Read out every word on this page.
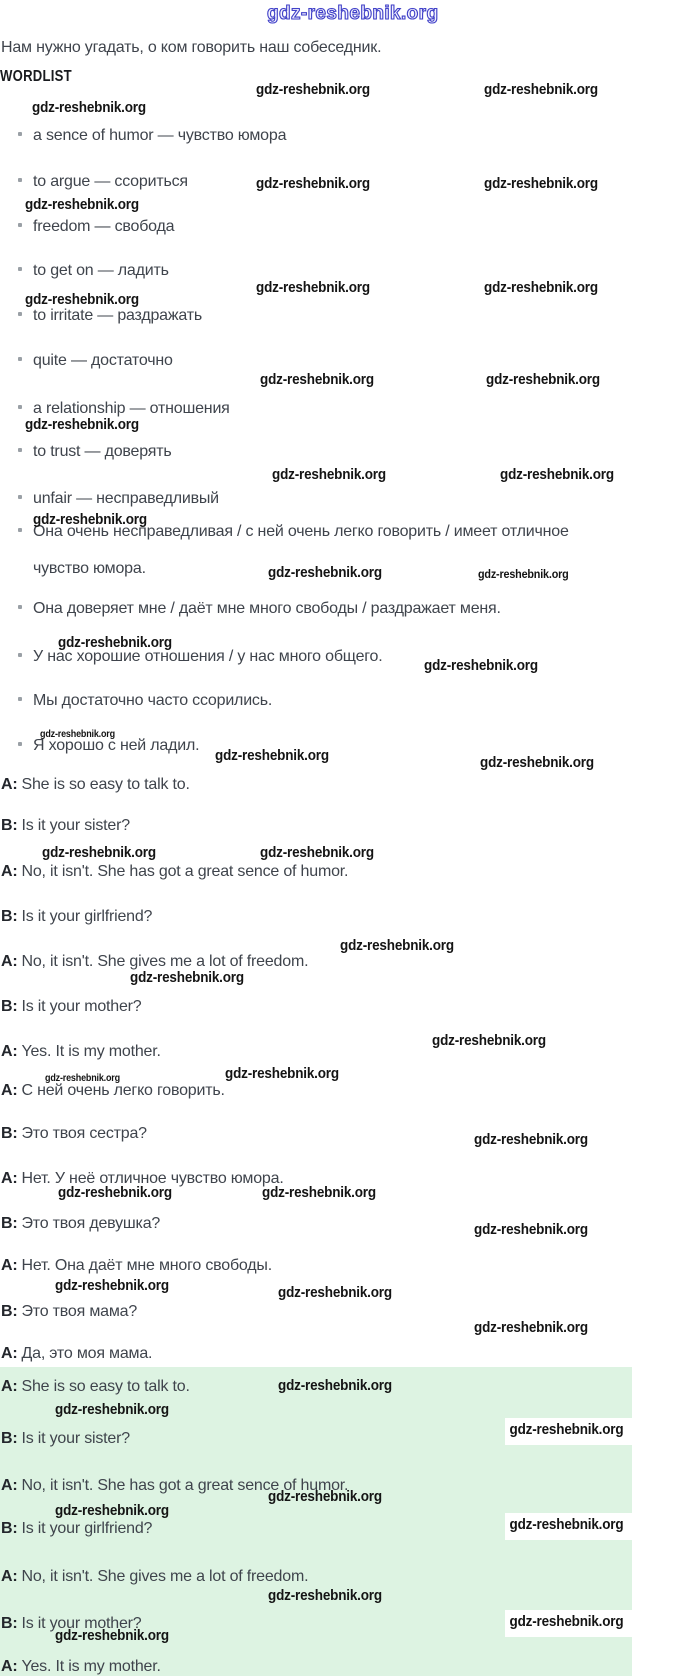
gdz-reshebnik.org
Нам нужно угадать, о ком говорить наш собеседник.
WORDLIST
a sence of humor — чувство юмора
to argue — ссориться
freedom — свобода
to get on — ладить
to irritate — раздражать
quite — достаточно
a relationship — отношения
to trust — доверять
unfair — несправедливый
Она очень несправедливая / с ней очень легко говорить / имеет отличное
чувство юмора.
Она доверяет мне / даёт мне много свободы / раздражает меня.
У нас хорошие отношения / у нас много общего.
Мы достаточно часто ссорились.
Я хорошо с ней ладил.
A: She is so easy to talk to.
B: Is it your sister?
A: No, it isn't. She has got a great sence of humor.
B: Is it your girlfriend?
A: No, it isn't. She gives me a lot of freedom.
B: Is it your mother?
A: Yes. It is my mother.
A: С ней очень легко говорить.
B: Это твоя сестра?
A: Нет. У неё отличное чувство юмора.
B: Это твоя девушка?
A: Нет. Она даёт мне много свободы.
B: Это твоя мама?
A: Да, это моя мама.
A: She is so easy to talk to.
B: Is it your sister?
A: No, it isn't. She has got a great sence of humor.
B: Is it your girlfriend?
A: No, it isn't. She gives me a lot of freedom.
B: Is it your mother?
A: Yes. It is my mother.
gdz-reshebnik.org	gdz-reshebnik.org
gdz-reshebnik.org
gdz-reshebnik.org	gdz-reshebnik.org
gdz-reshebnik.org
gdz-reshebnik.org	gdz-reshebnik.org
gdz-reshebnik.org
gdz-reshebnik.org	gdz-reshebnik.org
gdz-reshebnik.org
gdz-reshebnik.org	gdz-reshebnik.org
gdz-reshebnik.org
gdz-reshebnik.org	gdz-reshebnik.org
gdz-reshebnik.org
gdz-reshebnik.org
gdz-reshebnik.org
gdz-reshebnik.org	gdz-reshebnik.org
gdz-reshebnik.org	gdz-reshebnik.org
gdz-reshebnik.org
gdz-reshebnik.org
gdz-reshebnik.org
gdz-reshebnik.org
gdz-reshebnik.org
gdz-reshebnik.org
gdz-reshebnik.org	gdz-reshebnik.org
gdz-reshebnik.org
gdz-reshebnik.org	gdz-reshebnik.org
gdz-reshebnik.org
gdz-reshebnik.org
gdz-reshebnik.org
gdz-reshebnik.org
gdz-reshebnik.org
gdz-reshebnik.org
gdz-reshebnik.org
gdz-reshebnik.org
gdz-reshebnik.org
gdz-reshebnik.org
